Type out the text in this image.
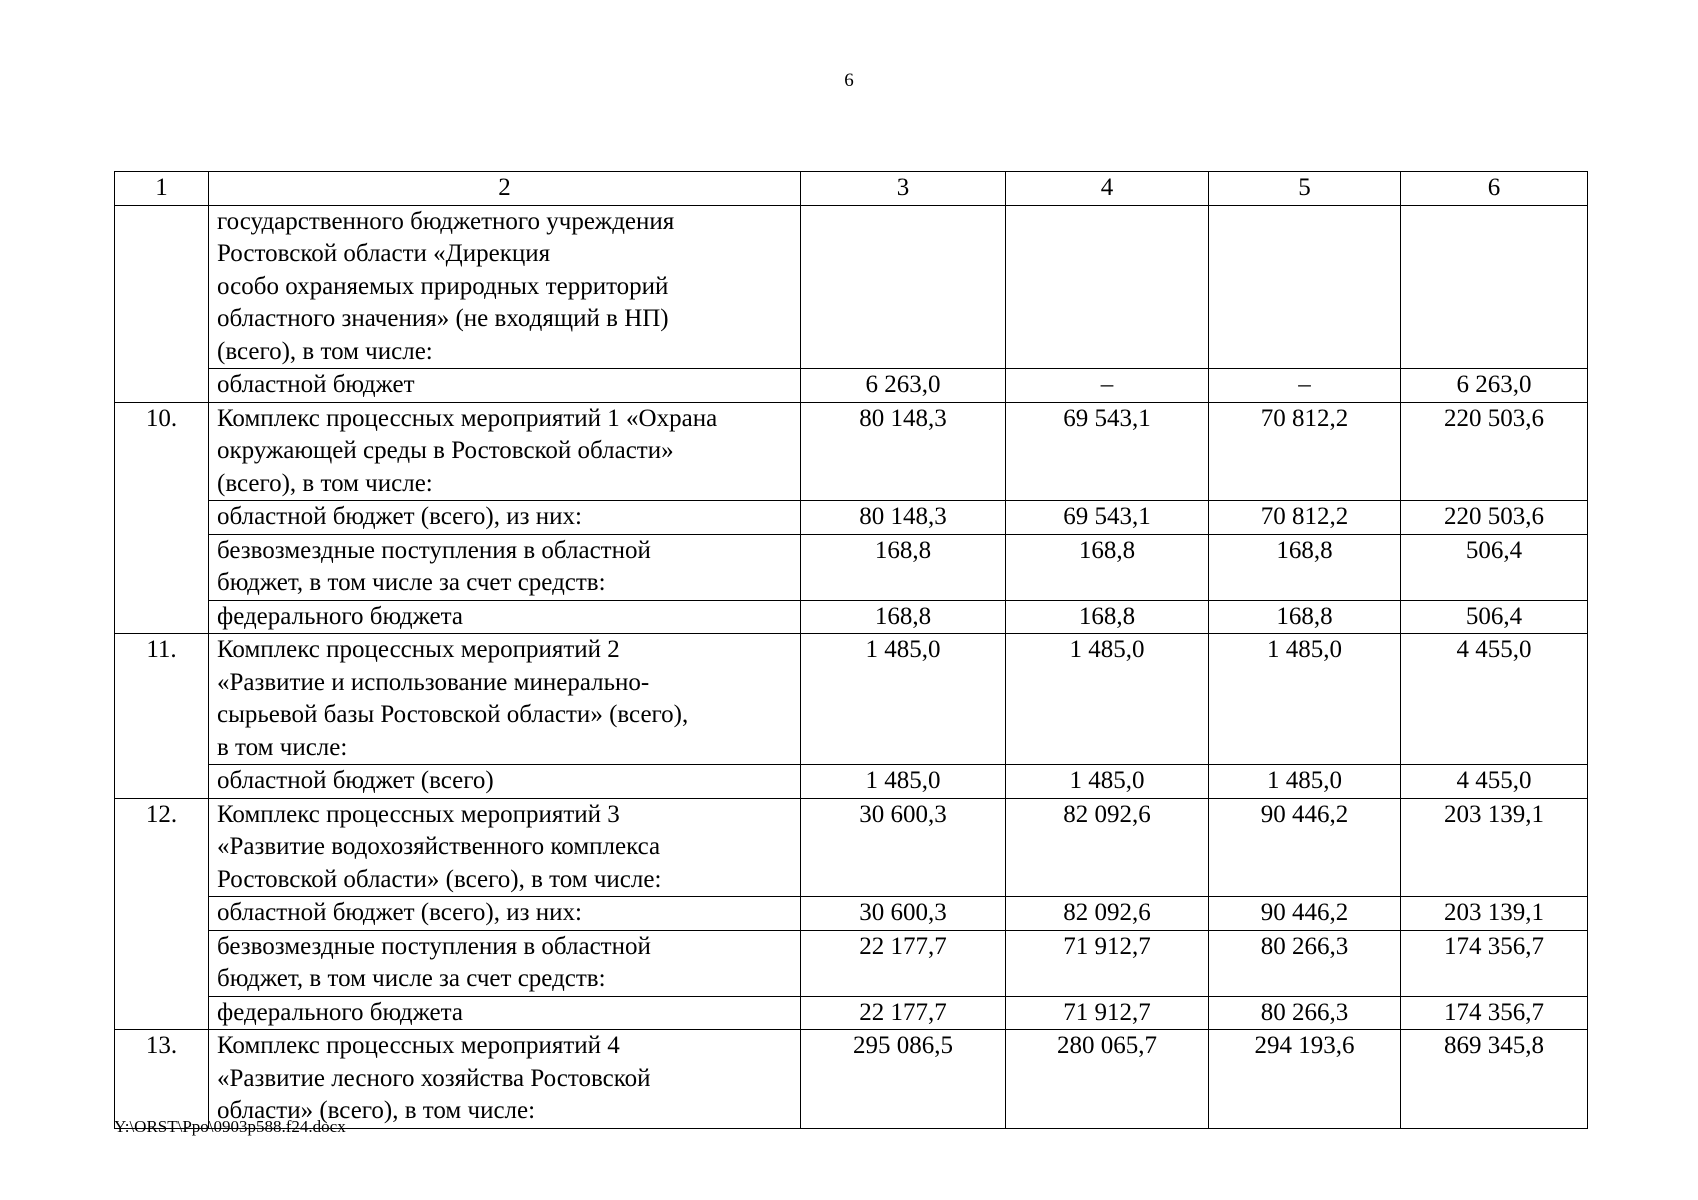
6
1	2	3	4	5	6

	государственного бюджетного учреждения
Ростовской области «Дирекция
особо охраняемых природных территорий
областного значения» (не входящий в НП)
(всего), в том числе:				

	областной бюджет	6 263,0	–	–	6 263,0
10.	Комплекс процессных мероприятий 1 «Охрана
окружающей среды в Ростовской области»
(всего), в том числе:	80 148,3	69 543,1	70 812,2	220 503,6

	областной бюджет (всего), из них:	80 148,3	69 543,1	70 812,2	220 503,6

	безвозмездные поступления в областной
бюджет, в том числе за счет средств:	168,8	168,8	168,8	506,4

	федерального бюджета	168,8	168,8	168,8	506,4
11.	Комплекс процессных мероприятий 2
«Развитие и использование минерально-
сырьевой базы Ростовской области» (всего),
в том числе:	1 485,0	1 485,0	1 485,0	4 455,0

	областной бюджет (всего)	1 485,0	1 485,0	1 485,0	4 455,0
12.	Комплекс процессных мероприятий 3
«Развитие водохозяйственного комплекса
Ростовской области» (всего), в том числе:	30 600,3	82 092,6	90 446,2	203 139,1

	областной бюджет (всего), из них:	30 600,3	82 092,6	90 446,2	203 139,1

	безвозмездные поступления в областной
бюджет, в том числе за счет средств:	22 177,7	71 912,7	80 266,3	174 356,7

	федерального бюджета	22 177,7	71 912,7	80 266,3	174 356,7
13.	Комплекс процессных мероприятий 4
«Развитие лесного хозяйства Ростовской
области» (всего), в том числе:	295 086,5	280 065,7	294 193,6	869 345,8
Y:\ORST\Ppo\0903p588.f24.docx
